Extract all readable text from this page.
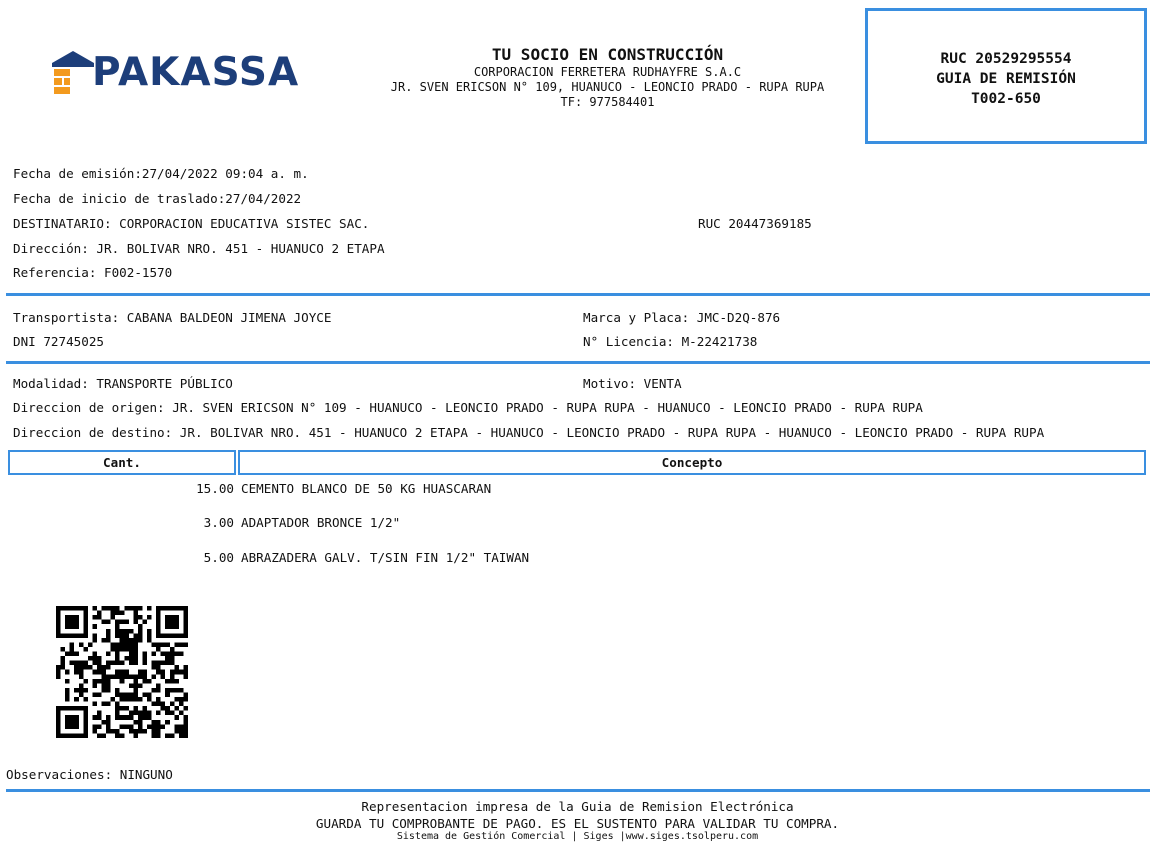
PAKASSA	TU SOCIO EN CONSTRUCCIÓN
CORPORACION FERRETERA RUDHAYFRE S.A.C
JR. SVEN ERICSON N° 109, HUANUCO - LEONCIO PRADO - RUPA RUPA
TF: 977584401
RUC 20529295554
GUIA DE REMISIÓN
T002-650
Fecha de emisión:27/04/2022 09:04 a. m.
Fecha de inicio de traslado:27/04/2022
DESTINATARIO: CORPORACION EDUCATIVA SISTEC SAC.	RUC 20447369185
Dirección: JR. BOLIVAR NRO. 451 - HUANUCO 2 ETAPA
Referencia: F002-1570
Transportista: CABANA BALDEON JIMENA JOYCE	Marca y Placa: JMC-D2Q-876
DNI 72745025	N° Licencia: M-22421738
Modalidad: TRANSPORTE PÚBLICO	Motivo: VENTA
Direccion de origen: JR. SVEN ERICSON N° 109 - HUANUCO - LEONCIO PRADO - RUPA RUPA - HUANUCO - LEONCIO PRADO - RUPA RUPA
Direccion de destino: JR. BOLIVAR NRO. 451 - HUANUCO 2 ETAPA - HUANUCO - LEONCIO PRADO - RUPA RUPA - HUANUCO - LEONCIO PRADO - RUPA RUPA
Cant.	Concepto
15.00 CEMENTO BLANCO DE 50 KG HUASCARAN
3.00 ADAPTADOR BRONCE 1/2"
5.00 ABRAZADERA GALV. T/SIN FIN 1/2" TAIWAN
Observaciones: NINGUNO
Representacion impresa de la Guia de Remision Electrónica
GUARDA TU COMPROBANTE DE PAGO. ES EL SUSTENTO PARA VALIDAR TU COMPRA.
Sistema de Gestión Comercial | Siges |www.siges.tsolperu.com
